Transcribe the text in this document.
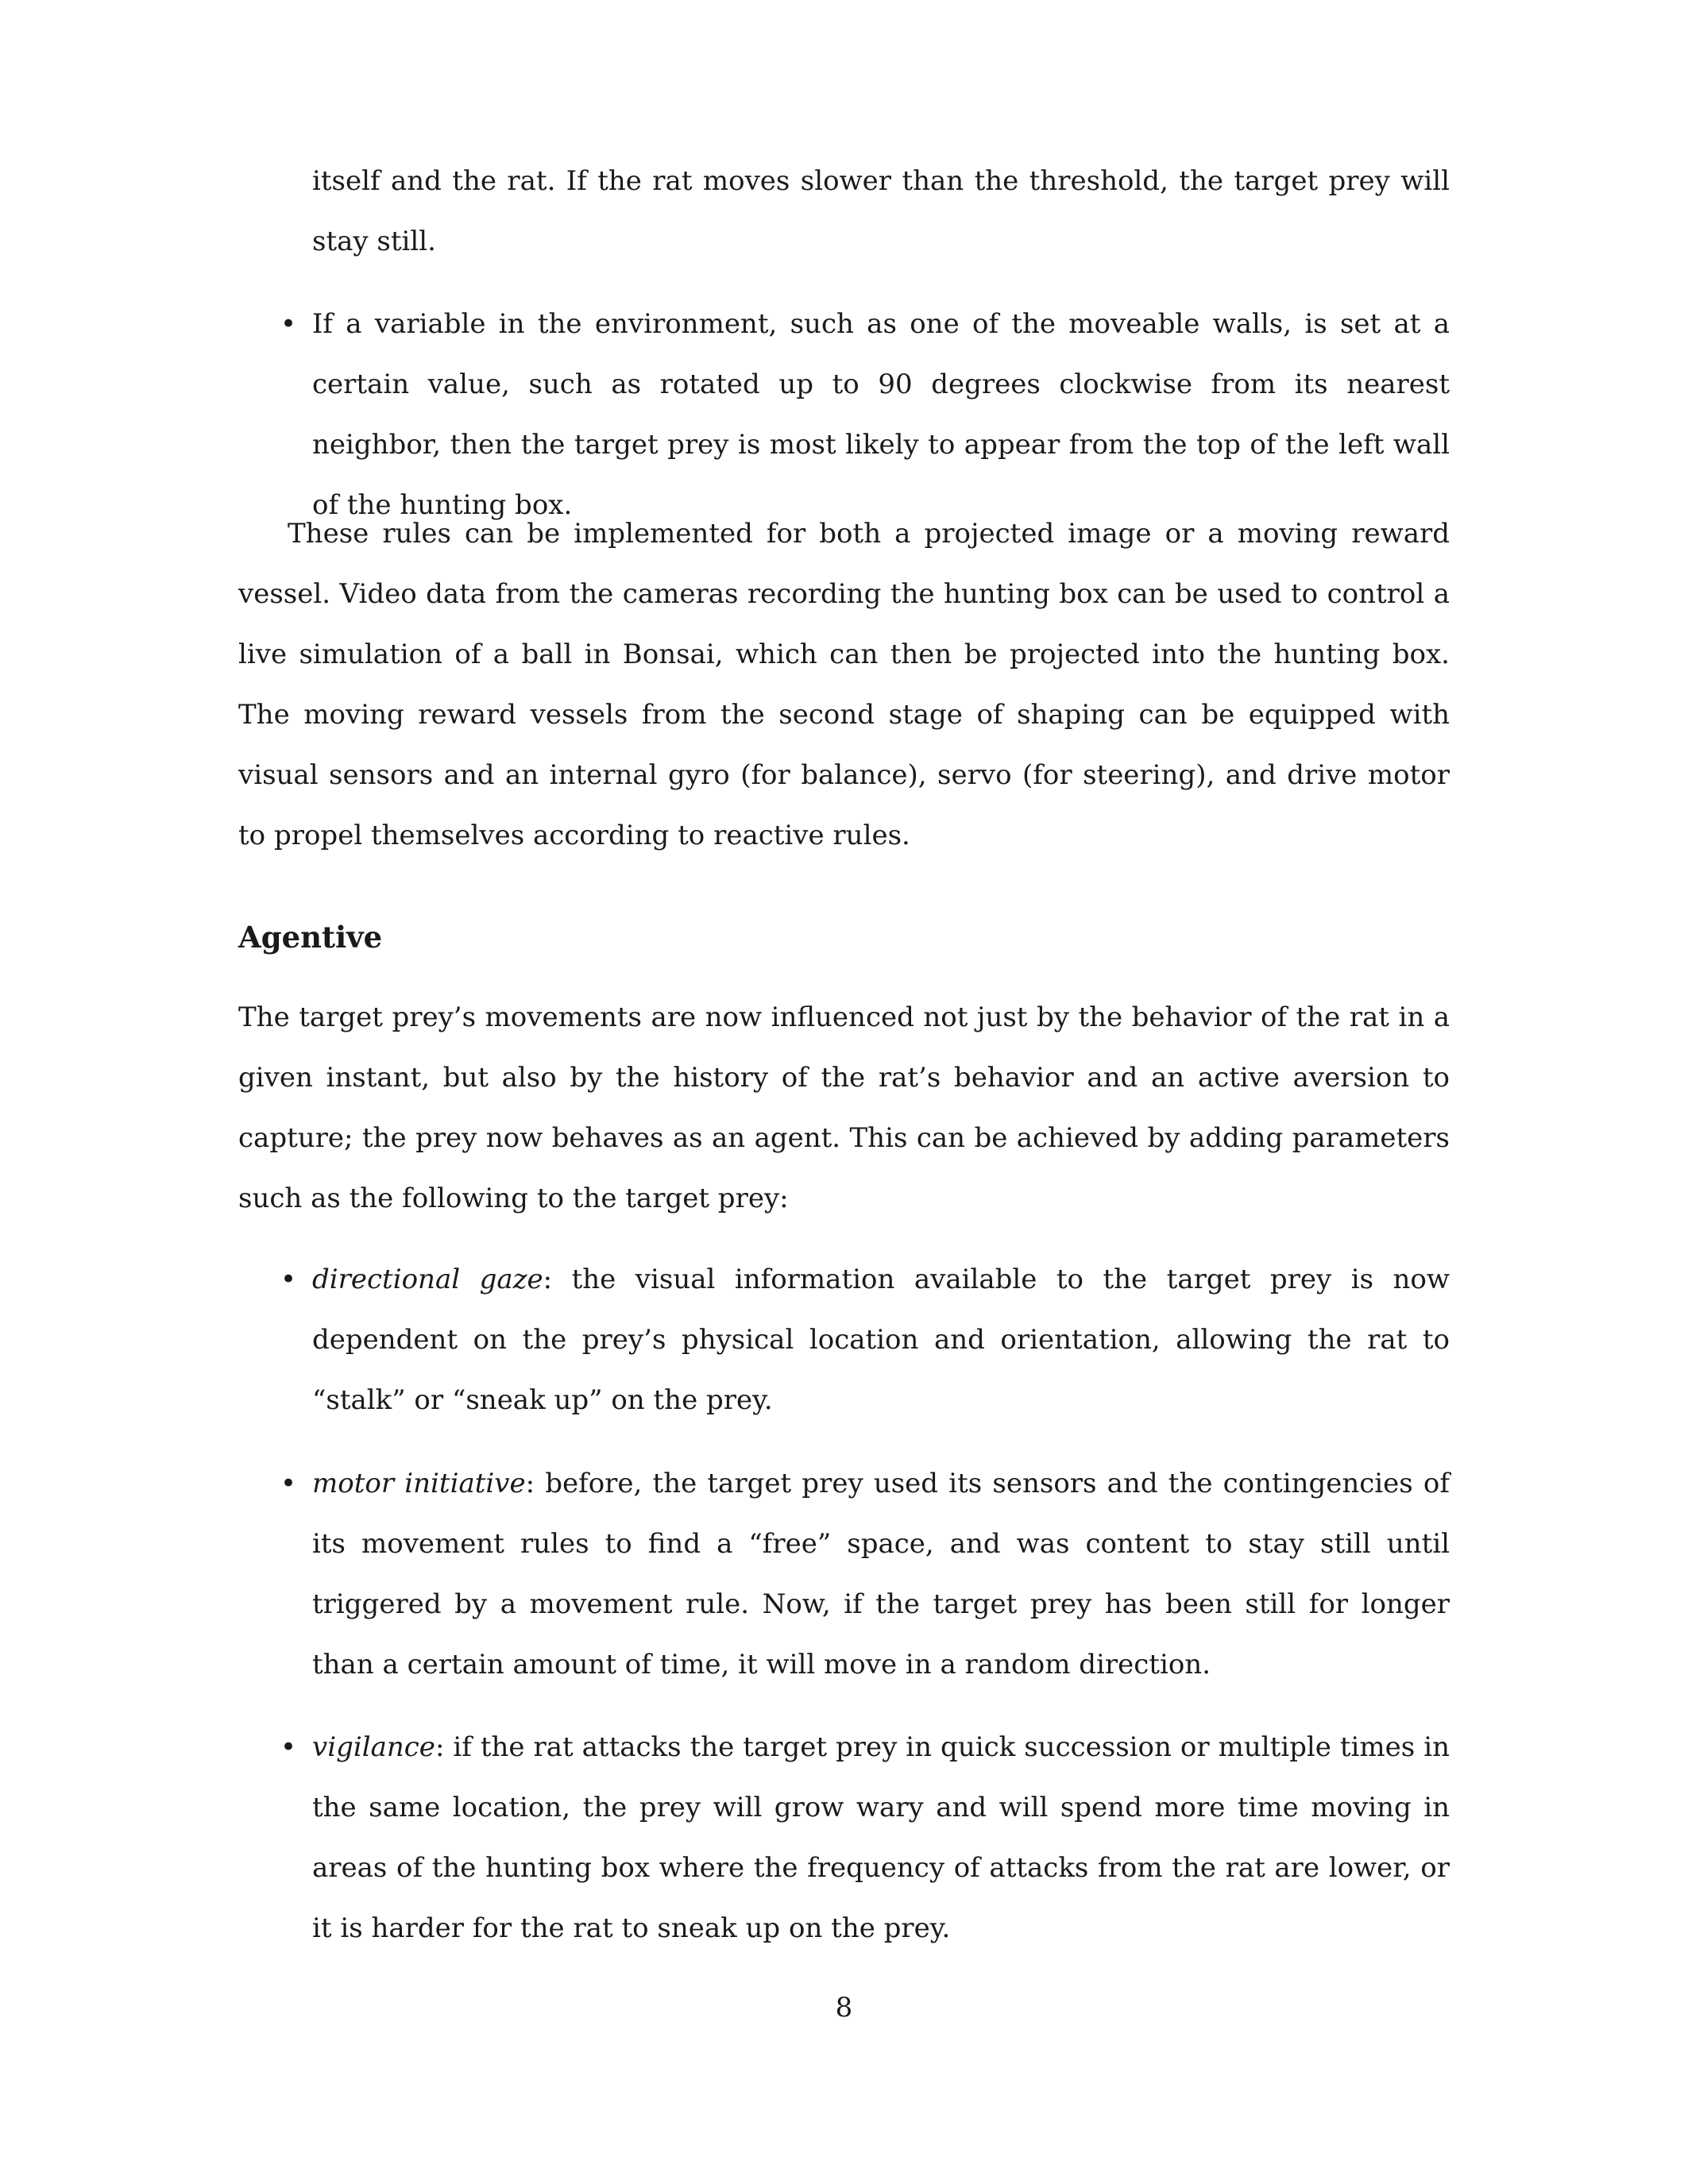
itself and the rat. If the rat moves slower than the threshold, the target prey will stay still.
• If a variable in the environment, such as one of the moveable walls, is set at a certain value, such as rotated up to 90 degrees clockwise from its nearest neighbor, then the target prey is most likely to appear from the top of the left wall of the hunting box.
These rules can be implemented for both a projected image or a moving reward vessel. Video data from the cameras recording the hunting box can be used to control a live simulation of a ball in Bonsai, which can then be projected into the hunting box. The moving reward vessels from the second stage of shaping can be equipped with visual sensors and an internal gyro (for balance), servo (for steering), and drive motor to propel themselves according to reactive rules.
Agentive
The target prey’s movements are now influenced not just by the behavior of the rat in a given instant, but also by the history of the rat’s behavior and an active aversion to capture; the prey now behaves as an agent. This can be achieved by adding parameters such as the following to the target prey:
• directional gaze: the visual information available to the target prey is now dependent on the prey’s physical location and orientation, allowing the rat to “stalk” or “sneak up” on the prey.
• motor initiative: before, the target prey used its sensors and the contingencies of its movement rules to find a “free” space, and was content to stay still until triggered by a movement rule. Now, if the target prey has been still for longer than a certain amount of time, it will move in a random direction.
• vigilance: if the rat attacks the target prey in quick succession or multiple times in the same location, the prey will grow wary and will spend more time moving in areas of the hunting box where the frequency of attacks from the rat are lower, or it is harder for the rat to sneak up on the prey.
8
